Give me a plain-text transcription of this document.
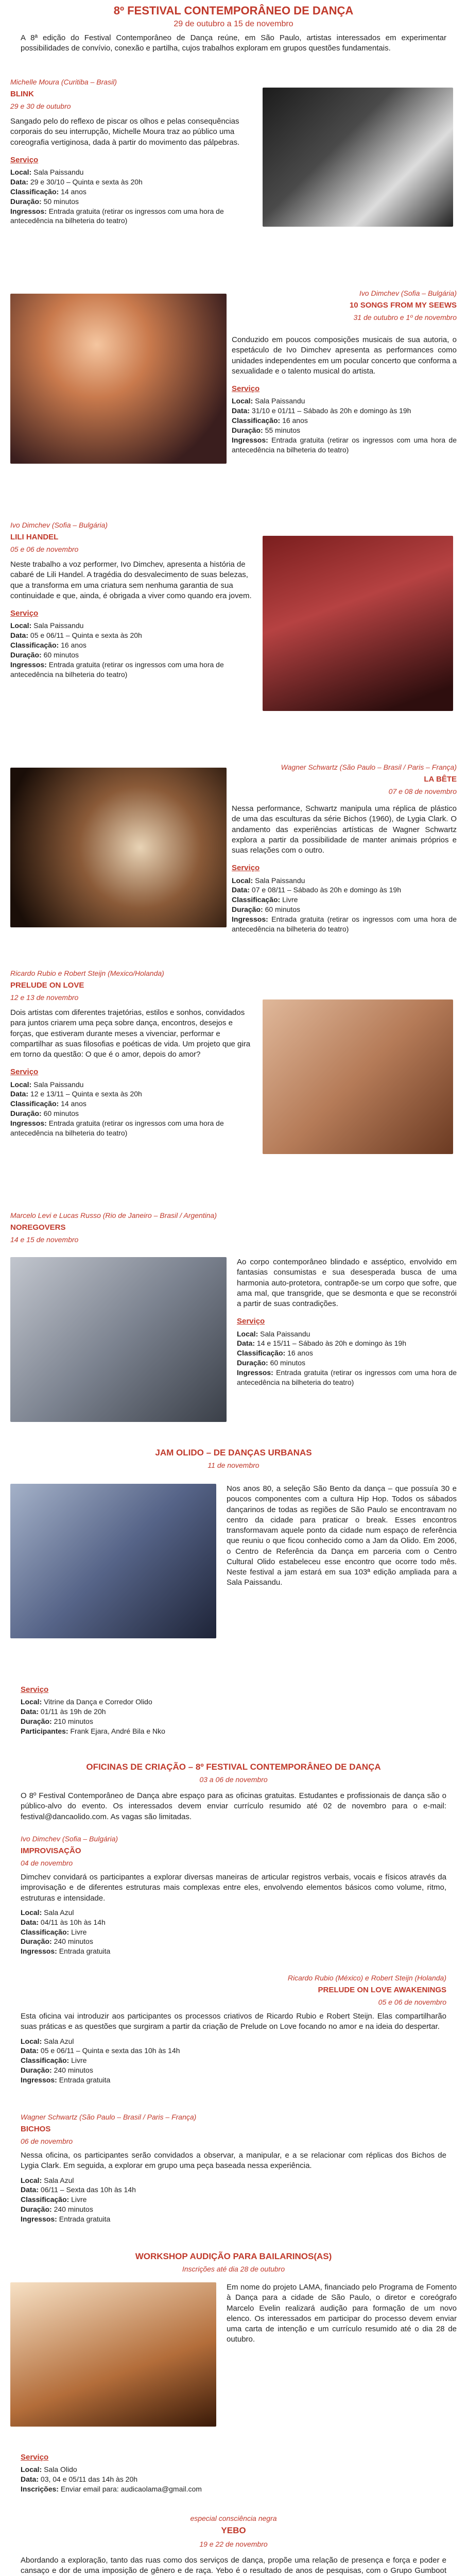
8º FESTIVAL CONTEMPORÂNEO DE DANÇA
29 de outubro a 15 de novembro
A 8ª edição do Festival Contemporâneo de Dança reúne, em São Paulo, artistas interessados em experimentar possibilidades de convívio, conexão e partilha, cujos trabalhos exploram em grupos questões fundamentais.

Michelle Moura (Curitiba – Brasil)

BLINK

29 e 30 de outubro

Sangado pelo do reflexo de piscar os olhos e pelas consequências corporais do seu interrupção, Michelle Moura traz ao público uma coreografia vertiginosa, dada à partir do movimento das pálpebras.

Serviço

Local: Sala Paissandu
Data: 29 e 30/10 – Quinta e sexta às 20h
Classificação: 14 anos
Duração: 50 minutos
Ingressos: Entrada gratuita (retirar os ingressos com uma hora de antecedência na bilheteria do teatro)

Ivo Dimchev (Sofia – Bulgária)

10 SONGS FROM MY SEEWS

31 de outubro e 1º de novembro

Conduzido em poucos composições musicais de sua autoria, o espetáculo de Ivo Dimchev apresenta as performances como unidades independentes em um pocular concerto que conforma a sexualidade e o talento musical do artista.

Serviço

Local: Sala Paissandu
Data: 31/10 e 01/11 – Sábado às 20h e domingo às 19h
Classificação: 16 anos
Duração: 55 minutos
Ingressos: Entrada gratuita (retirar os ingressos com uma hora de antecedência na bilheteria do teatro)

Ivo Dimchev (Sofia – Bulgária)

LILI HANDEL

05 e 06 de novembro

Neste trabalho a voz performer, Ivo Dimchev, apresenta a história de cabaré de Lili Handel. A tragédia do desvalecimento de suas belezas, que a transforma em uma criatura sem nenhuma garantia de sua continuidade e que, ainda, é obrigada a viver como quando era jovem.

Serviço

Local: Sala Paissandu
Data: 05 e 06/11 – Quinta e sexta às 20h
Classificação: 16 anos
Duração: 60 minutos
Ingressos: Entrada gratuita (retirar os ingressos com uma hora de antecedência na bilheteria do teatro)

Wagner Schwartz (São Paulo – Brasil / Paris – França)

LA BÊTE

07 e 08 de novembro

Nessa performance, Schwartz manipula uma réplica de plástico de uma das esculturas da série Bichos (1960), de Lygia Clark. O andamento das experiências artísticas de Wagner Schwartz explora a partir da possibilidade de manter animais próprios e suas relações com o outro.

Serviço

Local: Sala Paissandu
Data: 07 e 08/11 – Sábado às 20h e domingo às 19h
Classificação: Livre
Duração: 60 minutos
Ingressos: Entrada gratuita (retirar os ingressos com uma hora de antecedência na bilheteria do teatro)

Ricardo Rubio e Robert Steijn (Mexico/Holanda)

PRELUDE ON LOVE

12 e 13 de novembro

Dois artistas com diferentes trajetórias, estilos e sonhos, convidados para juntos criarem uma peça sobre dança, encontros, desejos e forças, que estiveram durante meses a vivenciar, performar e compartilhar as suas filosofias e poéticas de vida. Um projeto que gira em torno da questão: O que é o amor, depois do amor?

Serviço

Local: Sala Paissandu
Data: 12 e 13/11 – Quinta e sexta às 20h
Classificação: 14 anos
Duração: 60 minutos
Ingressos: Entrada gratuita (retirar os ingressos com uma hora de antecedência na bilheteria do teatro)

Marcelo Levi e Lucas Russo (Rio de Janeiro – Brasil / Argentina)

NOREGOVERS

14 e 15 de novembro

Ao corpo contemporâneo blindado e asséptico, envolvido em fantasias consumistas e sua desesperada busca de uma harmonia auto-protetora, contrapõe-se um corpo que sofre, que ama mal, que transgride, que se desmonta e que se reconstrói a partir de suas contradições.

Serviço

Local: Sala Paissandu
Data: 14 e 15/11 – Sábado às 20h e domingo às 19h
Classificação: 16 anos
Duração: 60 minutos
Ingressos: Entrada gratuita (retirar os ingressos com uma hora de antecedência na bilheteria do teatro)
JAM OLIDO – DE DANÇAS URBANAS
11 de novembro

Nos anos 80, a seleção São Bento da dança – que possuía 30 e poucos componentes com a cultura Hip Hop. Todos os sábados dançarinos de todas as regiões de São Paulo se encontravam no centro da cidade para praticar o break. Esses encontros transformavam aquele ponto da cidade num espaço de referência que reuniu o que ficou conhecido como a Jam da Olido. Em 2006, o Centro de Referência da Dança em parceria com o Centro Cultural Olido estabeleceu esse encontro que ocorre todo mês. Neste festival a jam estará em sua 103ª edição ampliada para a Sala Paissandu.

Serviço

Local: Vitrine da Dança e Corredor Olido
Data: 01/11 às 19h de 20h
Duração: 210 minutos
Participantes: Frank Ejara, André Bila e Nko
OFICINAS DE CRIAÇÃO – 8º FESTIVAL CONTEMPORÂNEO DE DANÇA
03 a 06 de novembro
O 8º Festival Contemporâneo de Dança abre espaço para as oficinas gratuitas. Estudantes e profissionais de dança são o público-alvo do evento. Os interessados devem enviar currículo resumido até 02 de novembro para o e-mail: festival@dancaolido.com. As vagas são limitadas.

Ivo Dimchev (Sofia – Bulgária)

IMPROVISAÇÃO

04 de novembro

Dimchev convidará os participantes a explorar diversas maneiras de articular registros verbais, vocais e físicos através da improvisação e de diferentes estruturas mais complexas entre eles, envolvendo elementos básicos como volume, ritmo, estruturas e intensidade.

Local: Sala Azul
Data: 04/11 às 10h às 14h
Classificação: Livre
Duração: 240 minutos
Ingressos: Entrada gratuita

Ricardo Rubio (México) e Robert Steijn (Holanda)

PRELUDE ON LOVE AWAKENINGS

05 e 06 de novembro

Esta oficina vai introduzir aos participantes os processos criativos de Ricardo Rubio e Robert Steijn. Elas compartilharão suas práticas e as questões que surgiram a partir da criação de Prelude on Love focando no amor e na ideia do despertar.

Local: Sala Azul
Data: 05 e 06/11 – Quinta e sexta das 10h às 14h
Classificação: Livre
Duração: 240 minutos
Ingressos: Entrada gratuita

Wagner Schwartz (São Paulo – Brasil / Paris – França)

BICHOS

06 de novembro

Nessa oficina, os participantes serão convidados a observar, a manipular, e a se relacionar com réplicas dos Bichos de Lygia Clark. Em seguida, a explorar em grupo uma peça baseada nessa experiência.

Local: Sala Azul
Data: 06/11 – Sexta das 10h às 14h
Classificação: Livre
Duração: 240 minutos
Ingressos: Entrada gratuita
WORKSHOP AUDIÇÃO PARA BAILARINOS(AS)
Inscrições até dia 28 de outubro

Em nome do projeto LAMA, financiado pelo Programa de Fomento à Dança para a cidade de São Paulo, o diretor e coreógrafo Marcelo Evelin realizará audição para formação de um novo elenco. Os interessados em participar do processo devem enviar uma carta de intenção e um currículo resumido até o dia 28 de outubro.

Serviço

Local: Sala Olido
Data: 03, 04 e 05/11 das 14h às 20h
Inscrições: Enviar email para: audicaolama@gmail.com
especial consciência negra
YEBO
19 e 22 de novembro

Abordando a exploração, tanto das ruas como dos serviços de dança, propõe uma relação de presença e força e poder e cansaço e dor de uma imposição de gênero e de raça. Yebo é o resultado de anos de pesquisas, com o Grupo Gumboot
